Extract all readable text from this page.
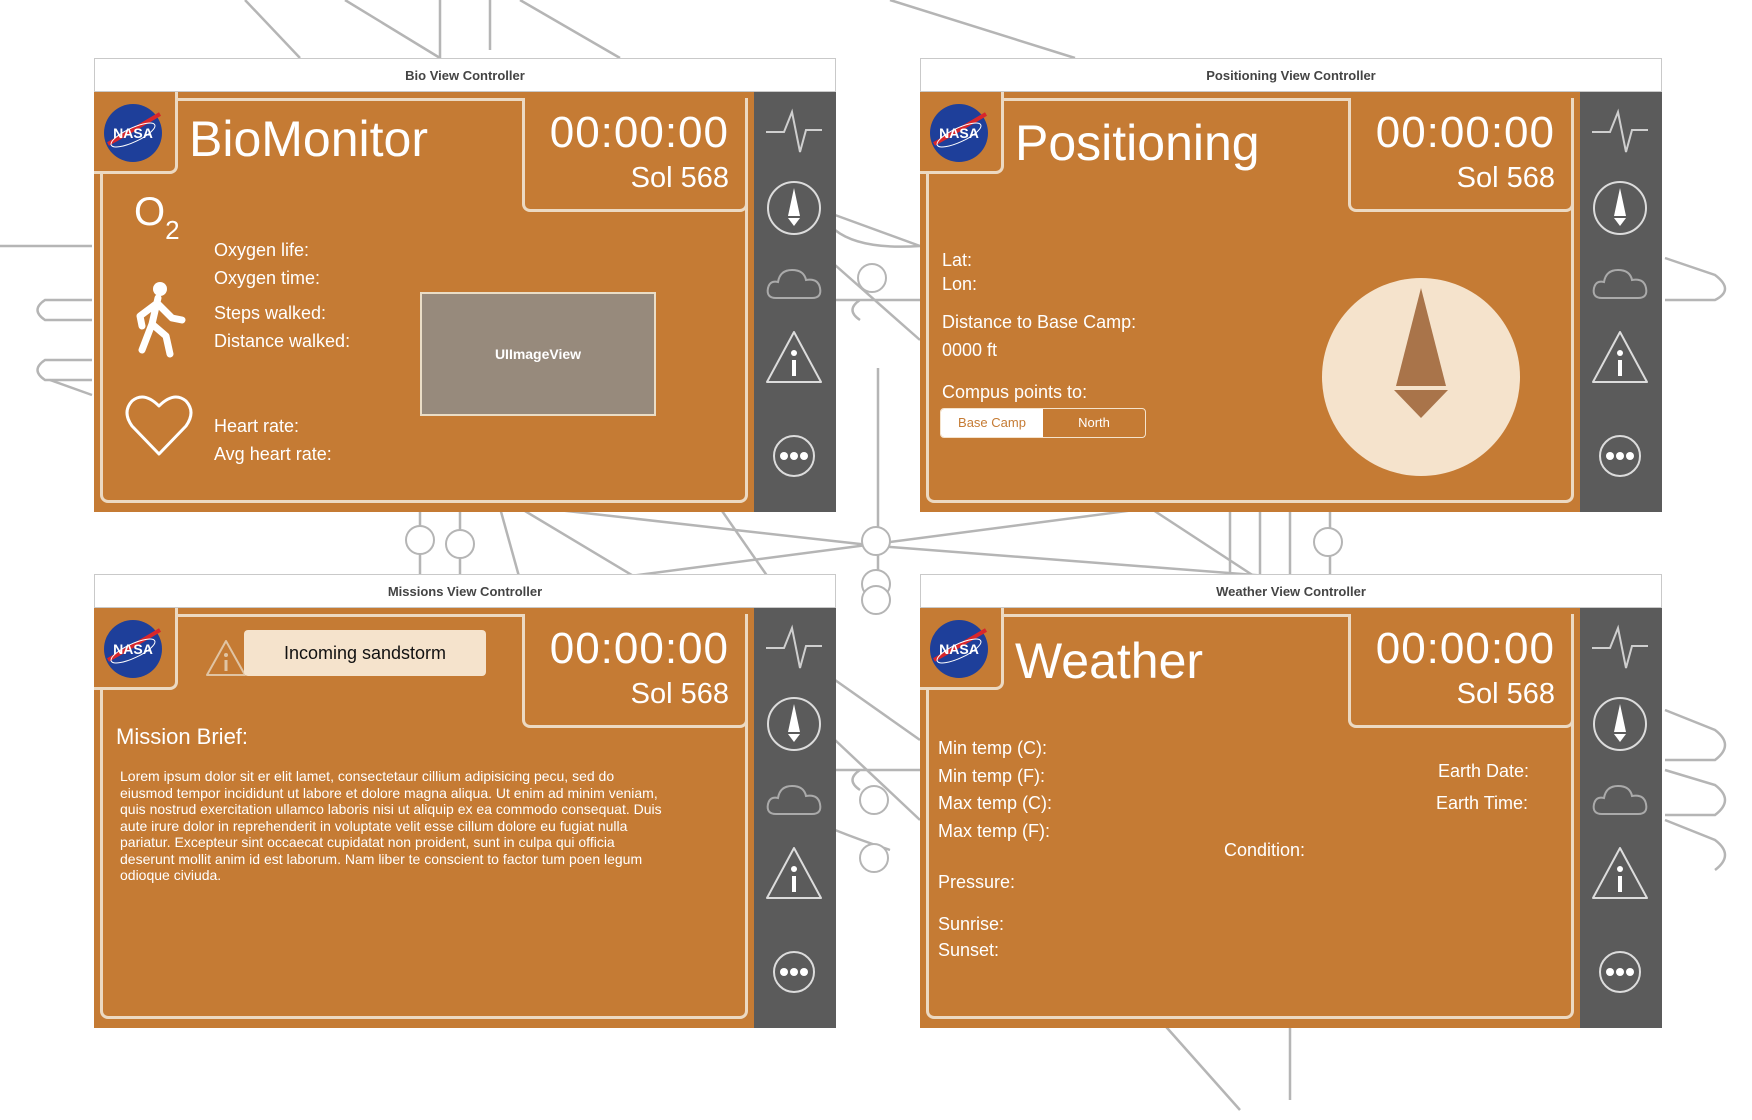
Bio View Controller
NASA BioMonitor	00:00:00
Sol 568
O2
Oxygen life:
Oxygen time:
Steps walked:
Distance walked:
Heart rate:
Avg heart rate:
UIImageView
Positioning View Controller
NASA Positioning	00:00:00
Sol 568
Lat:
Lon:
Distance to Base Camp:
0000 ft
Compus points to:
Base Camp	North
Missions View Controller
NASA	Incoming sandstorm	00:00:00
Sol 568
Mission Brief:
Lorem ipsum dolor sit er elit lamet, consectetaur cillium adipisicing pecu, sed do eiusmod tempor incididunt ut labore et dolore magna aliqua. Ut enim ad minim veniam, quis nostrud exercitation ullamco laboris nisi ut aliquip ex ea commodo consequat. Duis aute irure dolor in reprehenderit in voluptate velit esse cillum dolore eu fugiat nulla pariatur. Excepteur sint occaecat cupidatat non proident, sunt in culpa qui officia deserunt mollit anim id est laborum. Nam liber te conscient to factor tum poen legum odioque civiuda.
Weather View Controller
NASA Weather	00:00:00
Sol 568
Min temp (C):
Min temp (F):
Max temp (C):
Max temp (F):
Earth Date:
Earth Time:
Condition:
Pressure:
Sunrise:
Sunset:
